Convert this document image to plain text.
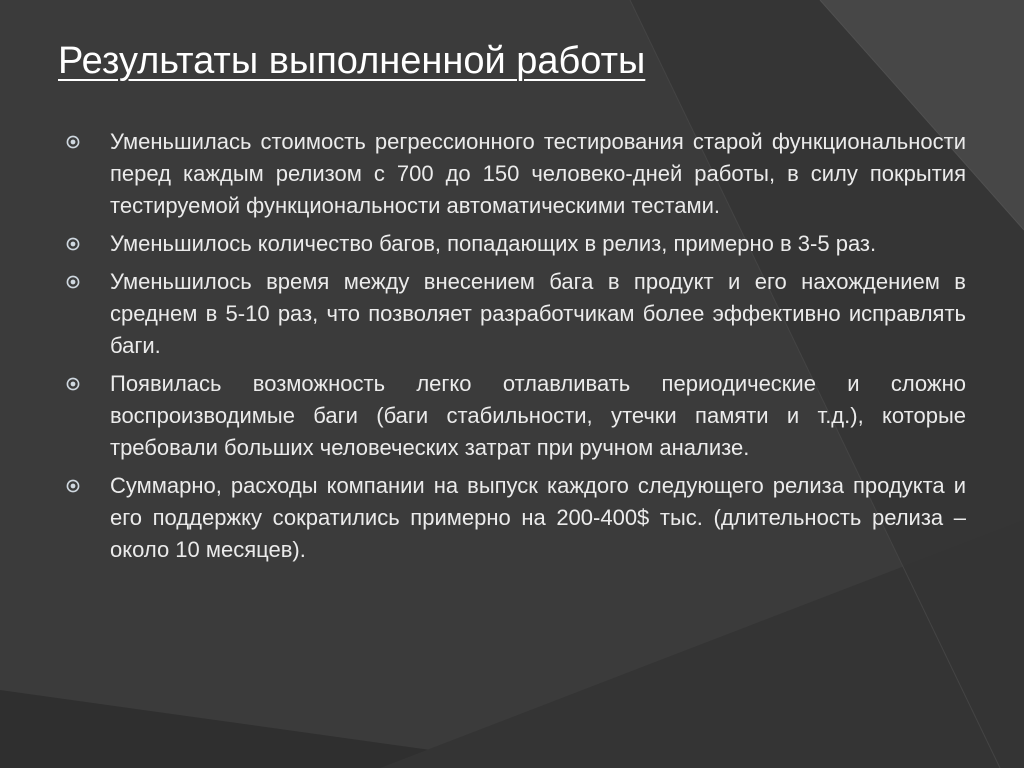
Результаты выполненной работы
Уменьшилась стоимость регрессионного тестирования старой функциональности перед каждым релизом с 700 до 150 человеко-дней работы, в силу покрытия тестируемой функциональности автоматическими тестами.
Уменьшилось количество багов, попадающих в релиз, примерно в 3-5 раз.
Уменьшилось время между внесением бага в продукт и его нахождением в среднем в 5-10 раз, что позволяет разработчикам более эффективно исправлять баги.
Появилась возможность легко отлавливать периодические и сложно воспроизводимые баги (баги стабильности, утечки памяти и т.д.), которые требовали больших человеческих затрат при ручном анализе.
Суммарно, расходы компании на выпуск каждого следующего релиза продукта и его поддержку сократились примерно на 200-400$ тыс. (длительность релиза – около 10 месяцев).
